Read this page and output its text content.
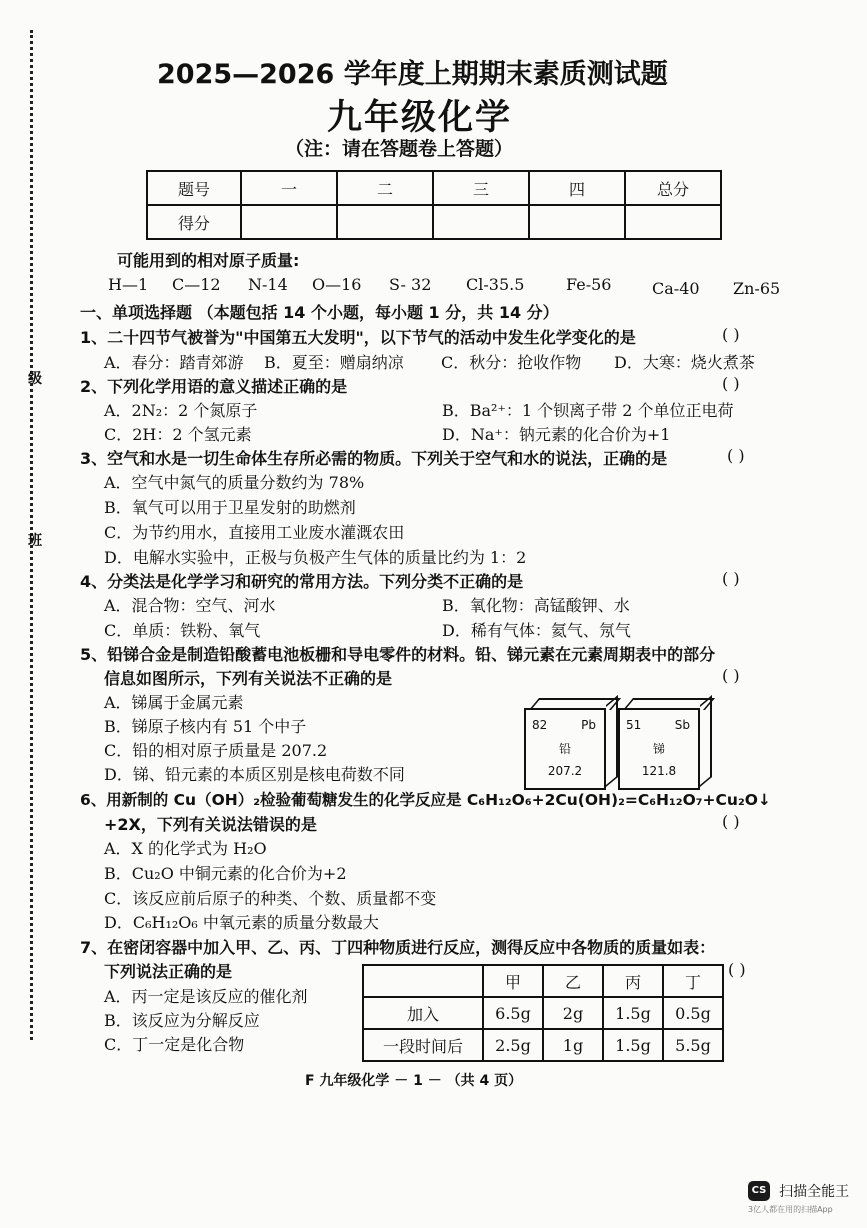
级
班
2025—2026 学年度上期期末素质测试题
九年级化学
（注：请在答题卷上答题）
题号	一	二	三	四	总分
得分					
可能用到的相对原子质量:
H—1 C—12 N-14 O—16 S- 32 Cl-35.5	Fe-56	Ca-40 Zn-65
一、单项选择题 （本题包括 14 个小题，每小题 1 分，共 14 分）
1、二十四节气被誉为"中国第五大发明"，以下节气的活动中发生化学变化的是	( )
A．春分：踏青郊游 B．夏至：赠扇纳凉 C．秋分：抢收作物 D．大寒：烧火煮茶
2、下列化学用语的意义描述正确的是	( )
A．2N₂：2 个氮原子	B．Ba²⁺：1 个钡离子带 2 个单位正电荷
C．2H：2 个氢元素	D．Na⁺：钠元素的化合价为+1
3、空气和水是一切生命体生存所必需的物质。下列关于空气和水的说法，正确的是	( )
A．空气中氮气的质量分数约为 78%
B．氧气可以用于卫星发射的助燃剂
C．为节约用水，直接用工业废水灌溉农田
D．电解水实验中，正极与负极产生气体的质量比约为 1：2
4、分类法是化学学习和研究的常用方法。下列分类不正确的是	( )
A．混合物：空气、河水	B．氧化物：高锰酸钾、水
C．单质：铁粉、氧气	D．稀有气体：氦气、氖气
5、铅锑合金是制造铅酸蓄电池板栅和导电零件的材料。铅、锑元素在元素周期表中的部分
信息如图所示，下列有关说法不正确的是	( )
A．锑属于金属元素
B．锑原子核内有 51 个中子
C．铅的相对原子质量是 207.2
D．锑、铅元素的本质区别是核电荷数不同
82	Pb
铅
207.2
51	Sb
锑
121.8
6、用新制的 Cu（OH）₂检验葡萄糖发生的化学反应是 C₆H₁₂O₆+2Cu(OH)₂=C₆H₁₂O₇+Cu₂O↓
+2X，下列有关说法错误的是	( )
A．X 的化学式为 H₂O
B．Cu₂O 中铜元素的化合价为+2
C．该反应前后原子的种类、个数、质量都不变
D．C₆H₁₂O₆ 中氧元素的质量分数最大
7、在密闭容器中加入甲、乙、丙、丁四种物质进行反应，测得反应中各物质的质量如表：
下列说法正确的是	( )
A．丙一定是该反应的催化剂
B．该反应为分解反应
C．丁一定是化合物
	甲	乙	丙	丁
加入	6.5g	2g	1.5g	0.5g
一段时间后	2.5g	1g	1.5g	5.5g
F 九年级化学 － 1 － （共 4 页）
CS 扫描全能王
3亿人都在用的扫描App
